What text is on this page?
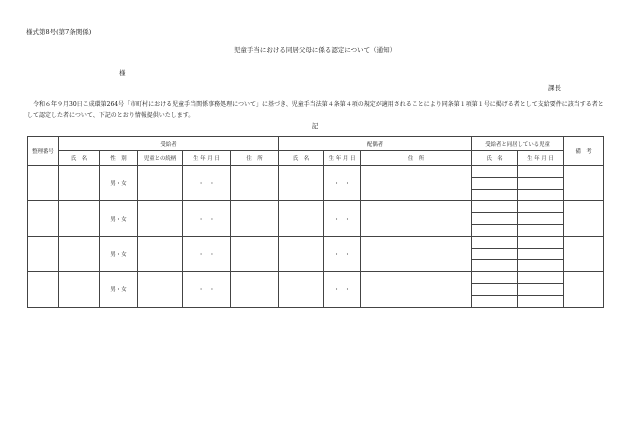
様式第8号(第7条関係)
児童手当における同居父母に係る認定について（通知）
様
課長
令和６年９月30日こ成環第264号「市町村における児童手当関係事務処理について」に基づき、児童手当法第４条第４項の規定が適用されることにより同条第１項第１号に掲げる者として支給要件に該当する者として認定した者について、下記のとおり情報提供いたします。
記
整理番号	受給者					配偶者			受給者と同居している児童		備　考
	氏　名	性　別	児童との続柄	生 年 月 日	住　所	氏　名	生 年 月 日	住　所	氏　名	生 年 月 日	
		男・女		・　・			・　・				

		男・女		・　・			・　・				

		男・女		・　・			・　・				

		男・女		・　・			・　・				
